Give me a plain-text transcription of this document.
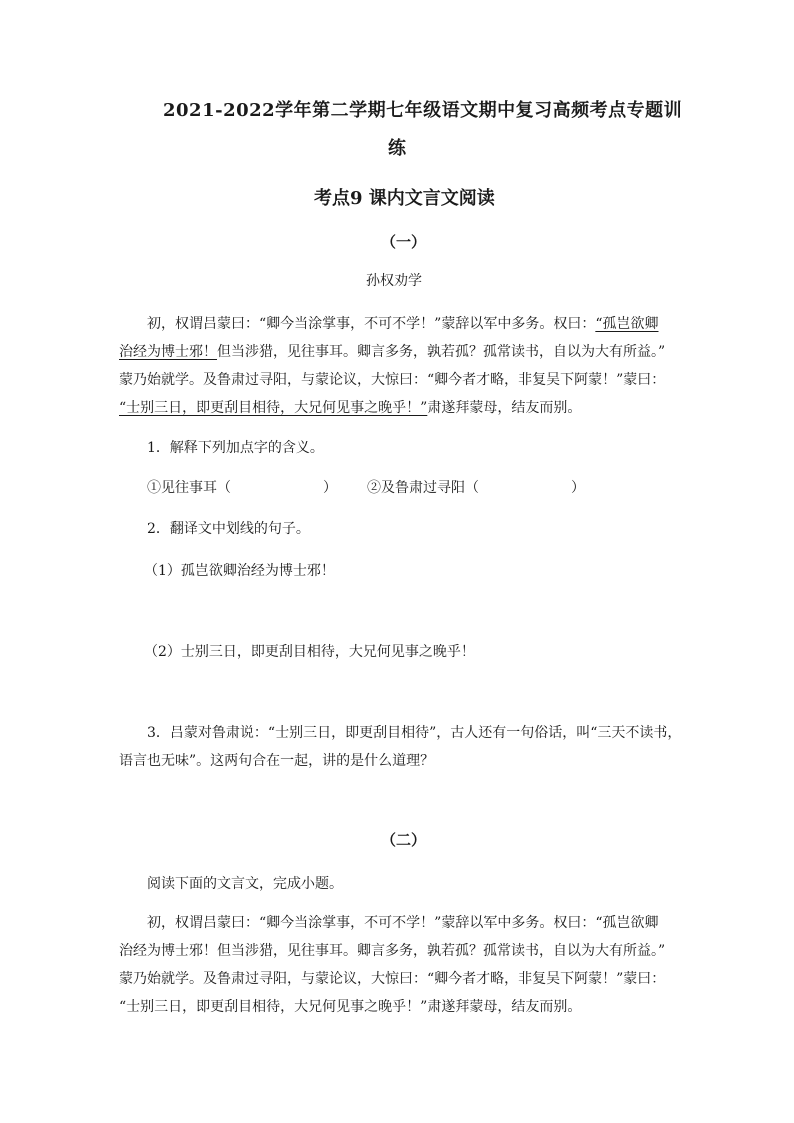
2021-2022学年第二学期七年级语文期中复习高频考点专题训
练
考点9 课内文言文阅读
（一）
孙权劝学
初，权谓吕蒙曰：“卿今当涂掌事，不可不学！”蒙辞以军中多务。权曰：“孤岂欲卿
治经为博士邪！但当涉猎，见往事耳。卿言多务，孰若孤？孤常读书，自以为大有所益。”
蒙乃始就学。及鲁肃过寻阳，与蒙论议，大惊曰：“卿今者才略，非复吴下阿蒙！”蒙曰：
“士别三日，即更刮目相待，大兄何见事之晚乎！”肃遂拜蒙母，结友而别。
1．解释下列加点字的含义。
①见往事耳（	） ②及鲁肃过寻阳（	）
2．翻译文中划线的句子。
（1）孤岂欲卿治经为博士邪！
（2）士别三日，即更刮目相待，大兄何见事之晚乎！
3．吕蒙对鲁肃说：“士别三日，即更刮目相待”，古人还有一句俗话，叫“三天不读书，
语言也无味”。这两句合在一起，讲的是什么道理？
（二）
阅读下面的文言文，完成小题。
初，权谓吕蒙曰：“卿今当涂掌事，不可不学！”蒙辞以军中多务。权曰：“孤岂欲卿
治经为博士邪！但当涉猎，见往事耳。卿言多务，孰若孤？孤常读书，自以为大有所益。”
蒙乃始就学。及鲁肃过寻阳，与蒙论议，大惊曰：“卿今者才略，非复吴下阿蒙！”蒙曰：
“士别三日，即更刮目相待，大兄何见事之晚乎！”肃遂拜蒙母，结友而别。
